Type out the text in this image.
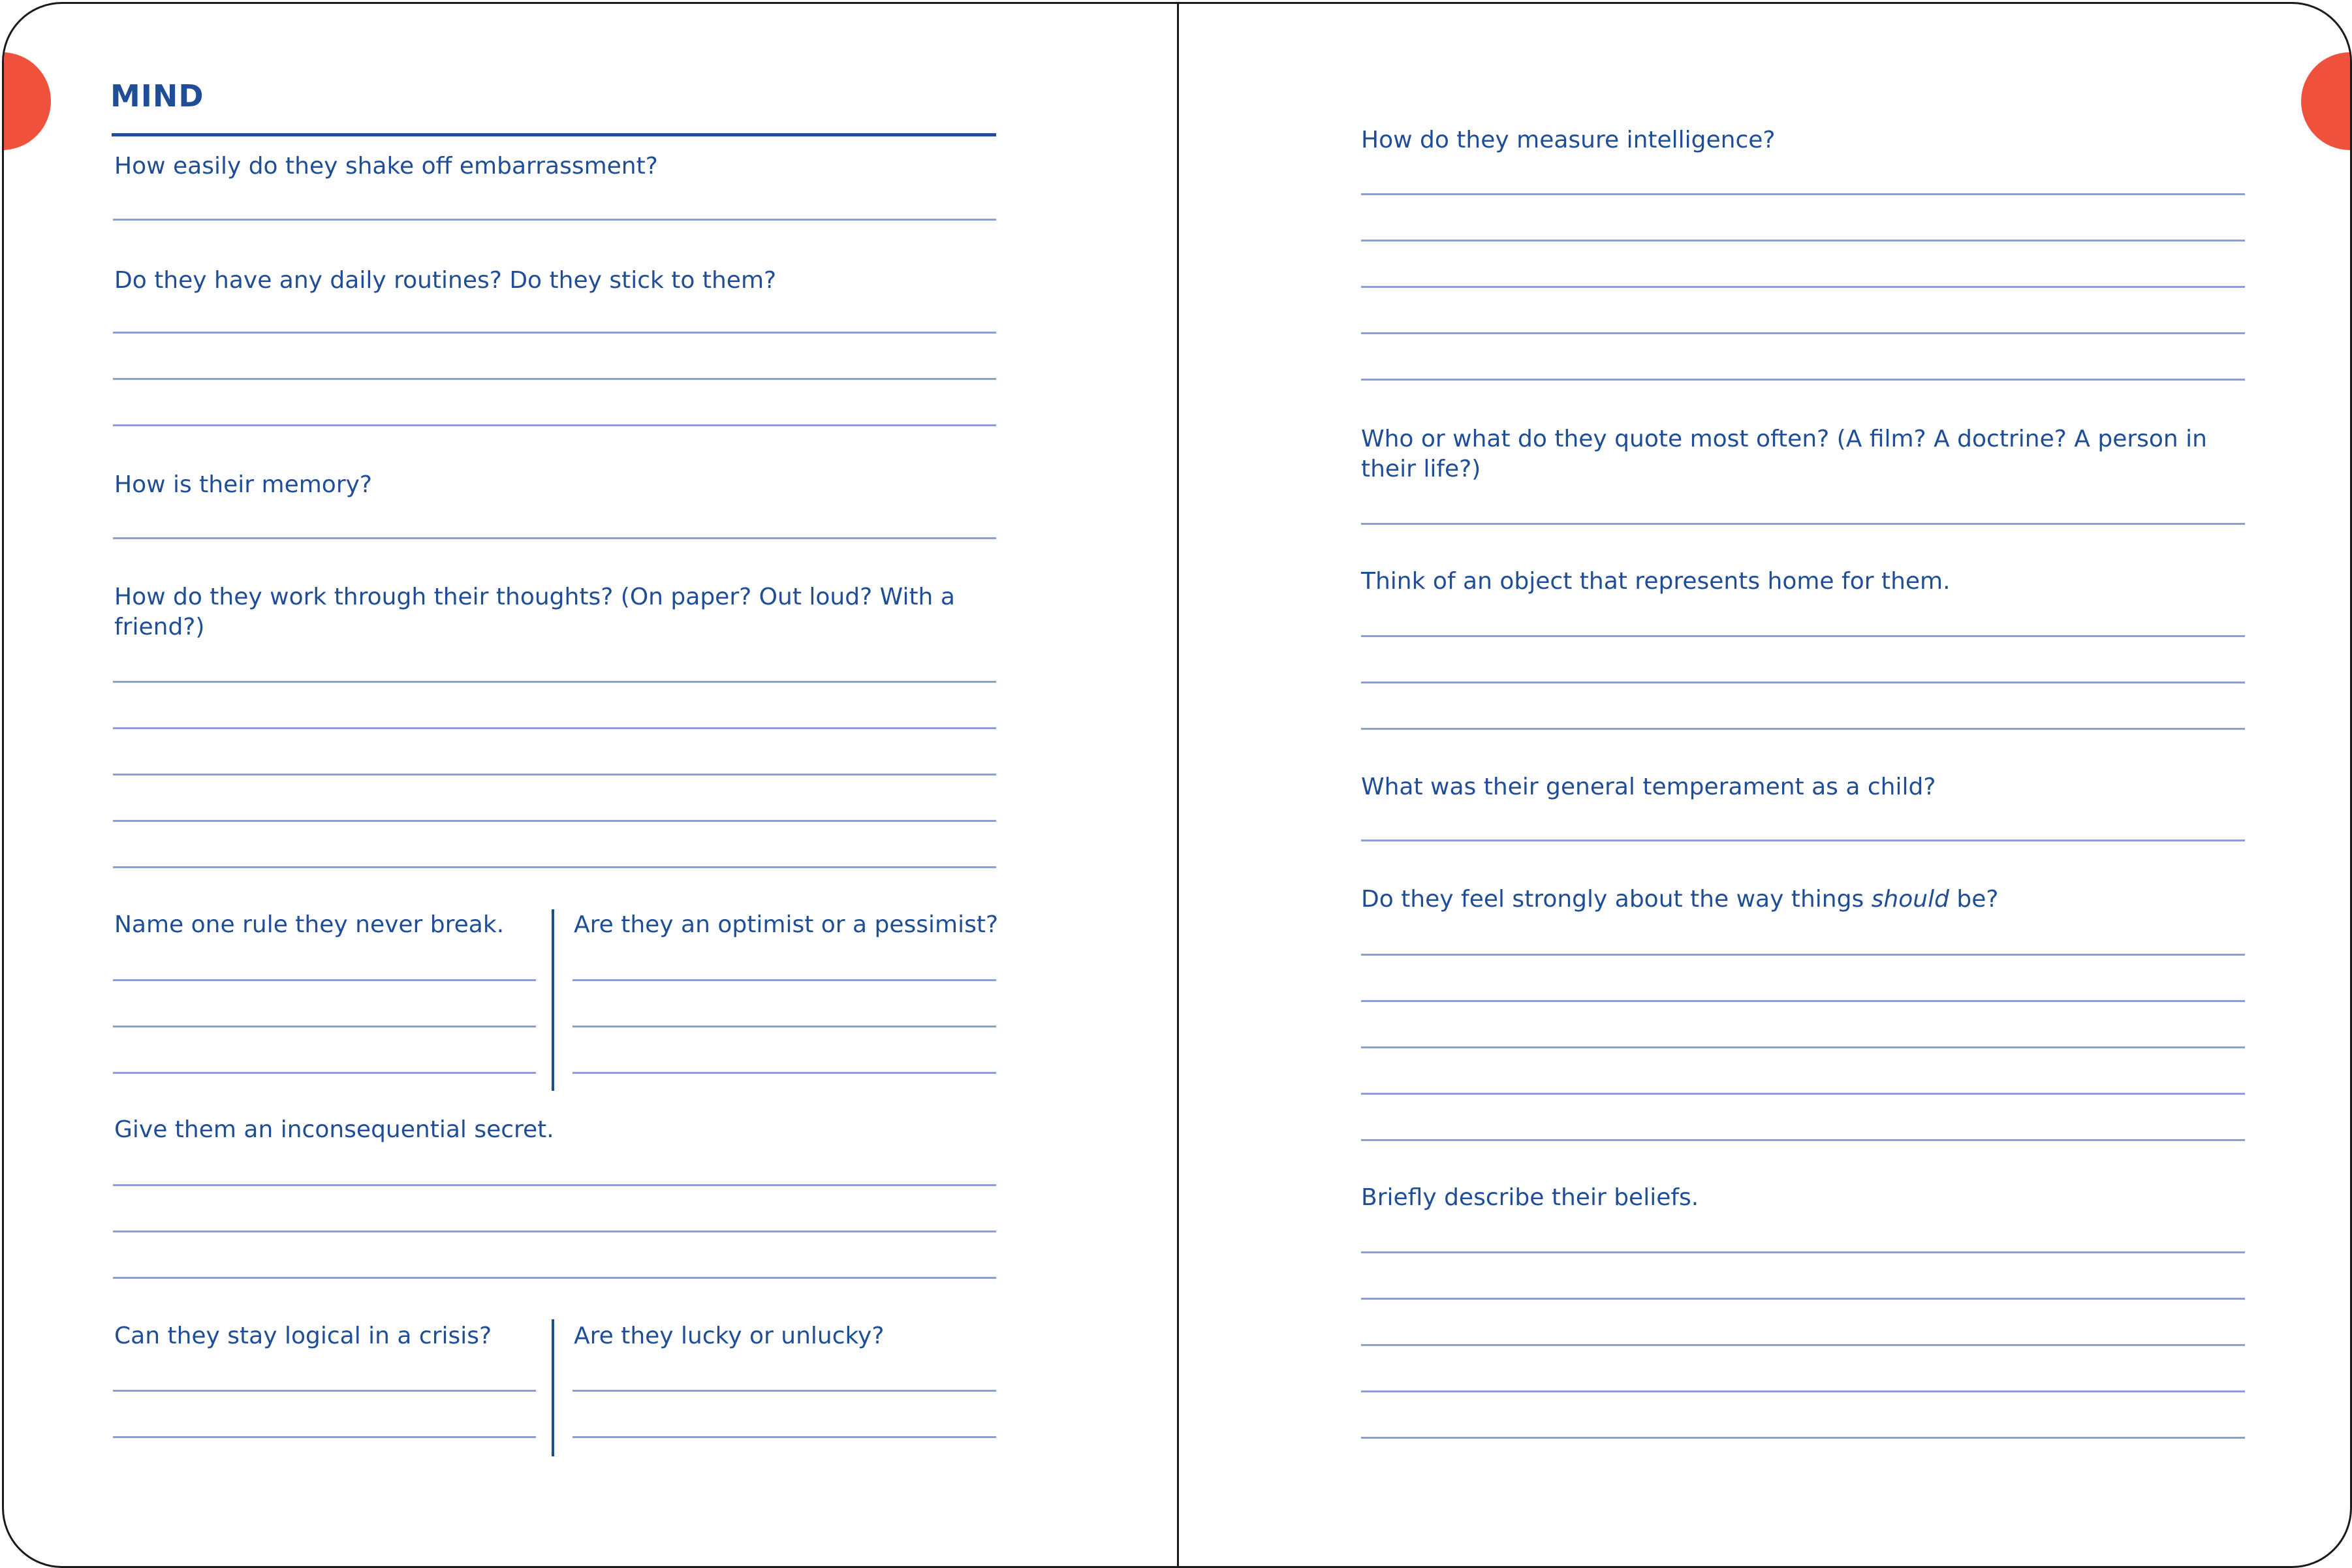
MIND

How easily do they shake off embarrassment?

Do they have any daily routines? Do they stick to them?

How is their memory?

How do they work through their thoughts? (On paper? Out loud? With a friend?)

Name one rule they never break.	Are they an optimist or a pessimist?

Give them an inconsequential secret.

Can they stay logical in a crisis?	Are they lucky or unlucky?

How do they measure intelligence?

Who or what do they quote most often? (A film? A doctrine? A person in their life?)

Think of an object that represents home for them.

What was their general temperament as a child?

Do they feel strongly about the way things should be?

Briefly describe their beliefs.
